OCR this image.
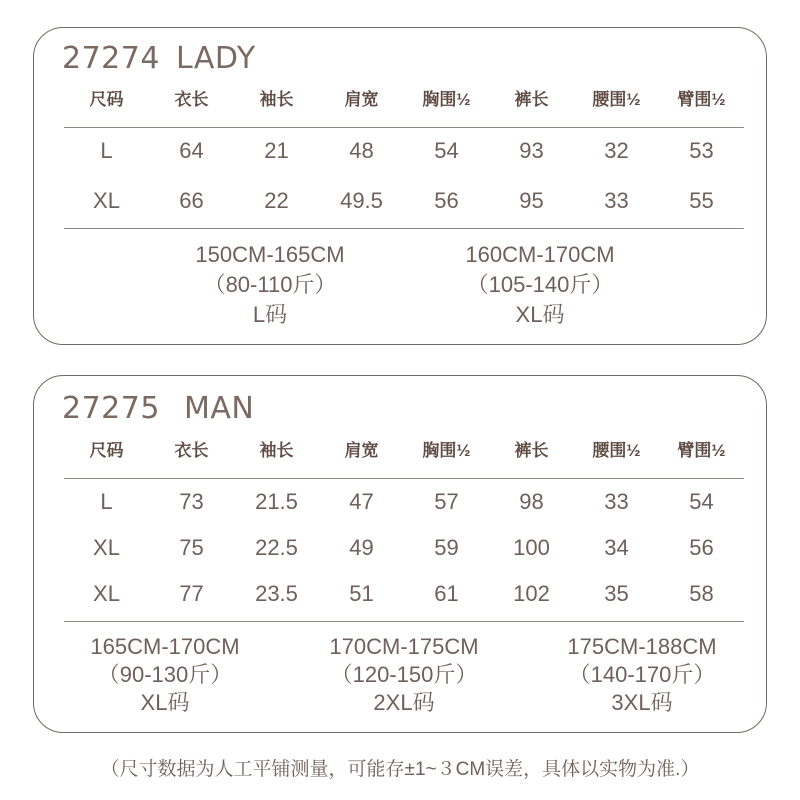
27274 LADY
尺码	衣长	袖长	肩宽	胸围½	裤长	腰围½	臂围½
L	64	21	48	54	93	32	53
XL	66	22	49.5	56	95	33	55
150CM-165CM
（80-110斤）
L码
160CM-170CM
（105-140斤）
XL码
27275 MAN
尺码	衣长	袖长	肩宽	胸围½	裤长	腰围½	臂围½
L	73	21.5	47	57	98	33	54
XL	75	22.5	49	59	100	34	56
XL	77	23.5	51	61	102	35	58
165CM-170CM
（90-130斤）
XL码
170CM-175CM
（120-150斤）
2XL码
175CM-188CM
（140-170斤）
3XL码
（尺寸数据为人工平铺测量，可能存±1~３CM误差，具体以实物为准.）
